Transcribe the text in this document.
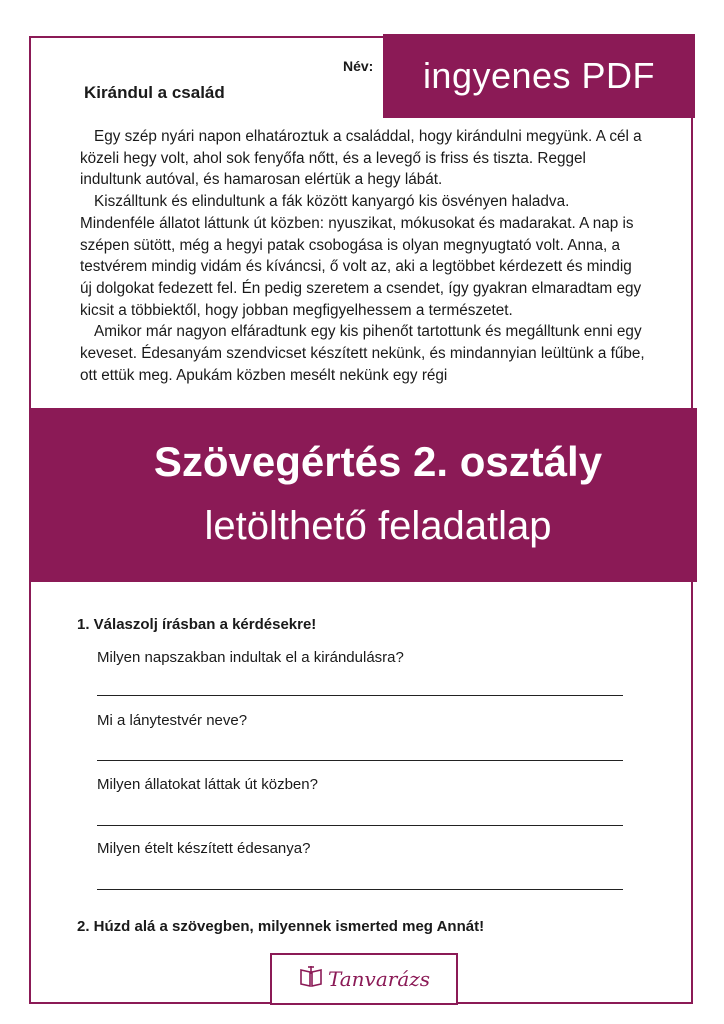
Név:	ingyenes PDF
Kirándul a család

Egy szép nyári napon elhatároztuk a családdal, hogy kirándulni megyünk. A cél a közeli hegy volt, ahol sok fenyőfa nőtt, és a levegő is friss és tiszta. Reggel indultunk autóval, és hamarosan elértük a hegy lábát.

Kiszálltunk és elindultunk a fák között kanyargó kis ösvényen haladva. Mindenféle állatot láttunk út közben: nyuszikat, mókusokat és madarakat. A nap is szépen sütött, még a hegyi patak csobogása is olyan megnyugtató volt. Anna, a testvérem mindig vidám és kíváncsi, ő volt az, aki a legtöbbet kérdezett és mindig új dolgokat fedezett fel. Én pedig szeretem a csendet, így gyakran elmaradtam egy kicsit a többiektől, hogy jobban megfigyelhessem a természetet.

Amikor már nagyon elfáradtunk egy kis pihenőt tartottunk és megálltunk enni egy keveset. Édesanyám szendvicset készített nekünk, és mindannyian leültünk a fűbe, ott ettük meg. Apukám közben mesélt nekünk egy régi

Szövegértés 2. osztály
letölthető feladatlap
1. Válaszolj írásban a kérdésekre!
Milyen napszakban indultak el a kirándulásra?
Mi a lánytestvér neve?
Milyen állatokat láttak út közben?
Milyen ételt készített édesanya?
2. Húzd alá a szövegben, milyennek ismerted meg Annát!
Tanvarázs
